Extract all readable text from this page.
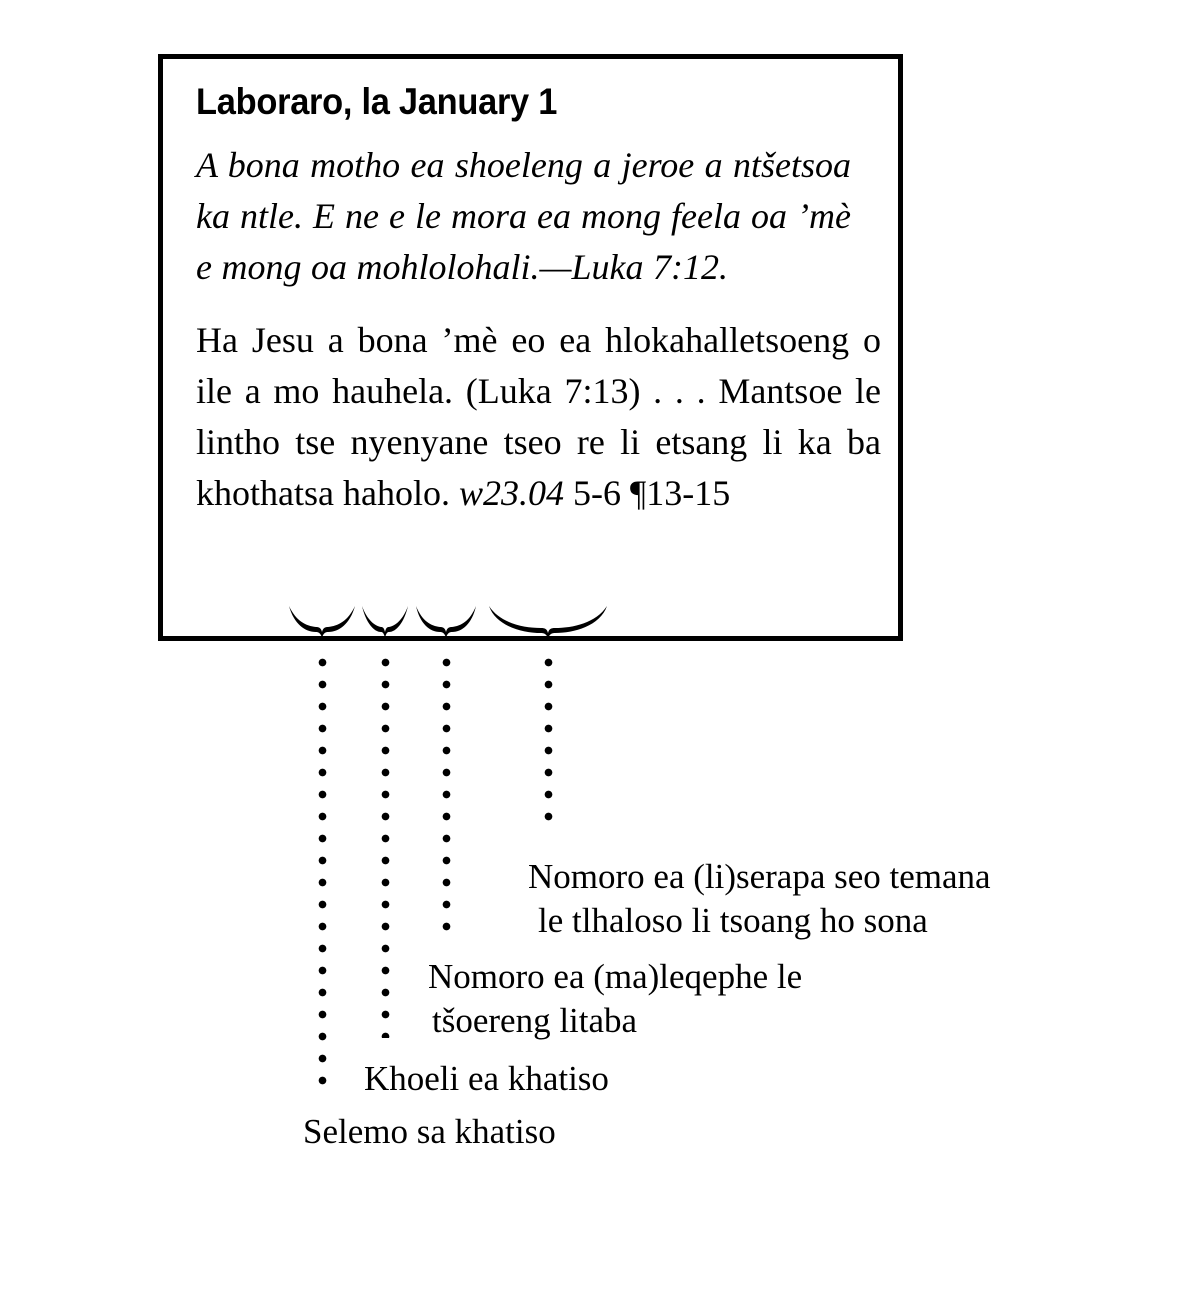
Laboraro, la January 1

A bona motho ea shoeleng a jeroe a ntšetsoa ka ntle. E ne e le mora ea mong feela oa ’mè e mong oa mohlolohali.—Luka 7:12.

Ha Jesu a bona ’mè eo ea hlokahalletsoeng o ile a mo hauhela. (Luka 7:13) . . . Mantsoe le lintho tse nyenyane tseo re li etsang li ka ba khothatsa haholo. w23.04 5-6 ¶13-15

Nomoro ea (li)serapa seo temana
le tlhaloso li tsoang ho sona
Nomoro ea (ma)leqephe le
tšoereng litaba
Khoeli ea khatiso
Selemo sa khatiso
